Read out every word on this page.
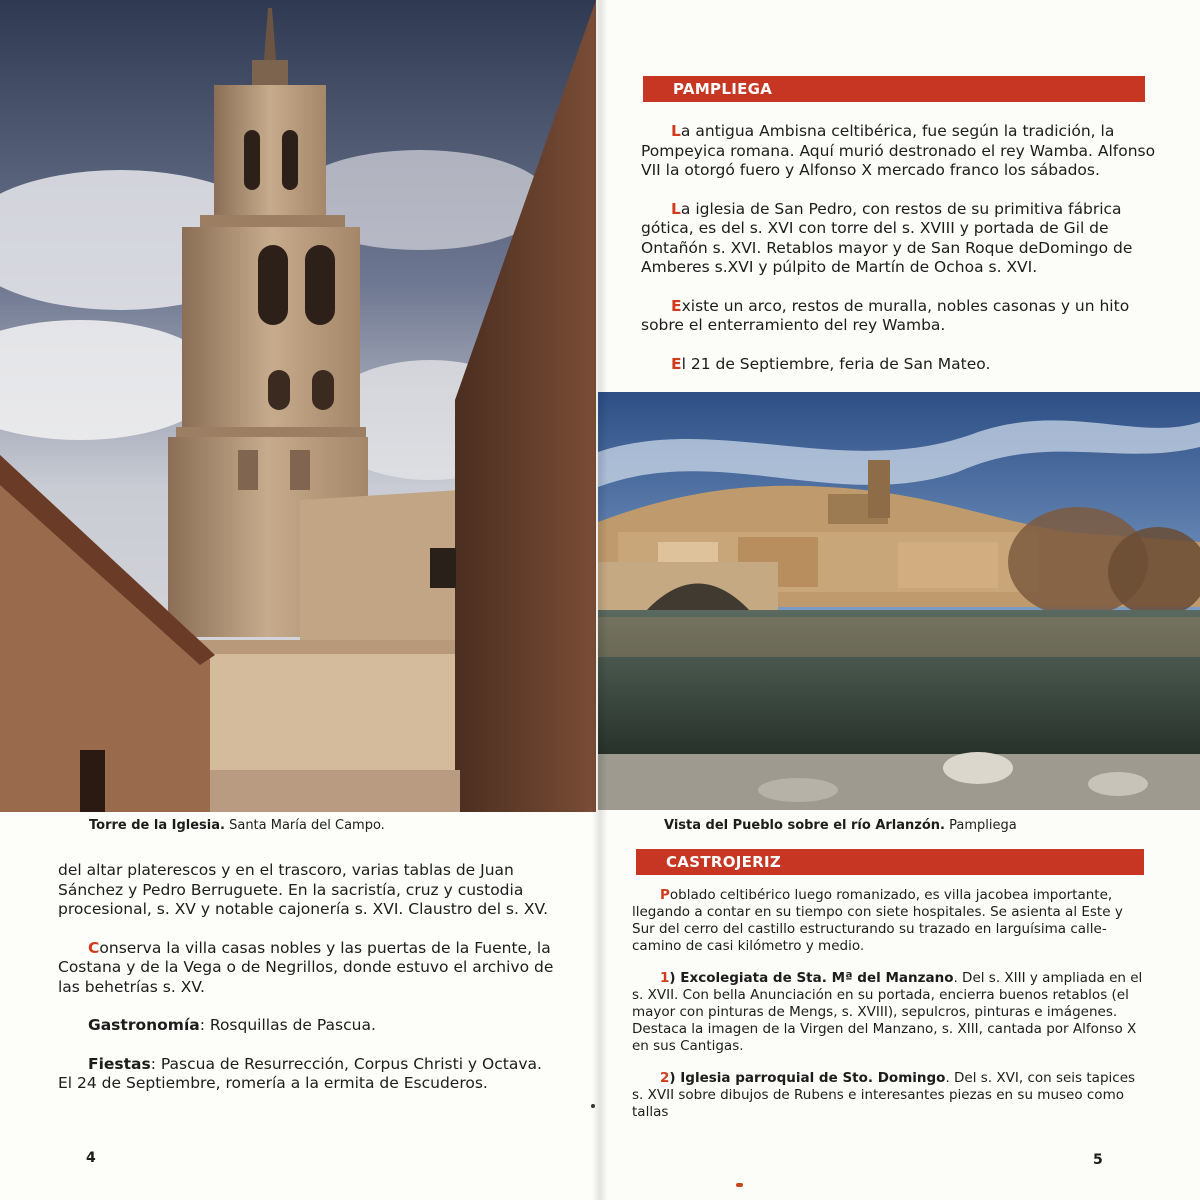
Torre de la Iglesia. Santa María del Campo.

del altar platerescos y en el trascoro, varias tablas de Juan Sánchez y Pedro Berruguete. En la sacristía, cruz y custodia procesional, s. XV y notable cajonería s. XVI. Claustro del s. XV.

Conserva la villa casas nobles y las puertas de la Fuente, la Costana y de la Vega o de Negrillos, donde estuvo el archivo de las behetrías s. XV.

Gastronomía: Rosquillas de Pascua.

Fiestas: Pascua de Resurrección, Corpus Christi y Octava. El 24 de Septiembre, romería a la ermita de Escuderos.

4
PAMPLIEGA

La antigua Ambisna celtibérica, fue según la tradición, la Pompeyica romana. Aquí murió destronado el rey Wamba. Alfonso VII la otorgó fuero y Alfonso X mercado franco los sábados.

La iglesia de San Pedro, con restos de su primitiva fábrica gótica, es del s. XVI con torre del s. XVIII y portada de Gil de Ontañón s. XVI. Retablos mayor y de San Roque deDomingo de Amberes s.XVI y púlpito de Martín de Ochoa s. XVI.

Existe un arco, restos de muralla, nobles casonas y un hito sobre el enterramiento del rey Wamba.

El 21 de Septiembre, feria de San Mateo.

Vista del Pueblo sobre el río Arlanzón. Pampliega
CASTROJERIZ

Poblado celtibérico luego romanizado, es villa jacobea importante, llegando a contar en su tiempo con siete hospitales. Se asienta al Este y Sur del cerro del castillo estructurando su trazado en larguísima calle-camino de casi kilómetro y medio.

1) Excolegiata de Sta. Mª del Manzano. Del s. XIII y ampliada en el s. XVII. Con bella Anunciación en su portada, encierra buenos retablos (el mayor con pinturas de Mengs, s. XVIII), sepulcros, pinturas e imágenes. Destaca la imagen de la Virgen del Manzano, s. XIII, cantada por Alfonso X en sus Cantigas.

2) Iglesia parroquial de Sto. Domingo. Del s. XVI, con seis tapices s. XVII sobre dibujos de Rubens e interesantes piezas en su museo como tallas

5
